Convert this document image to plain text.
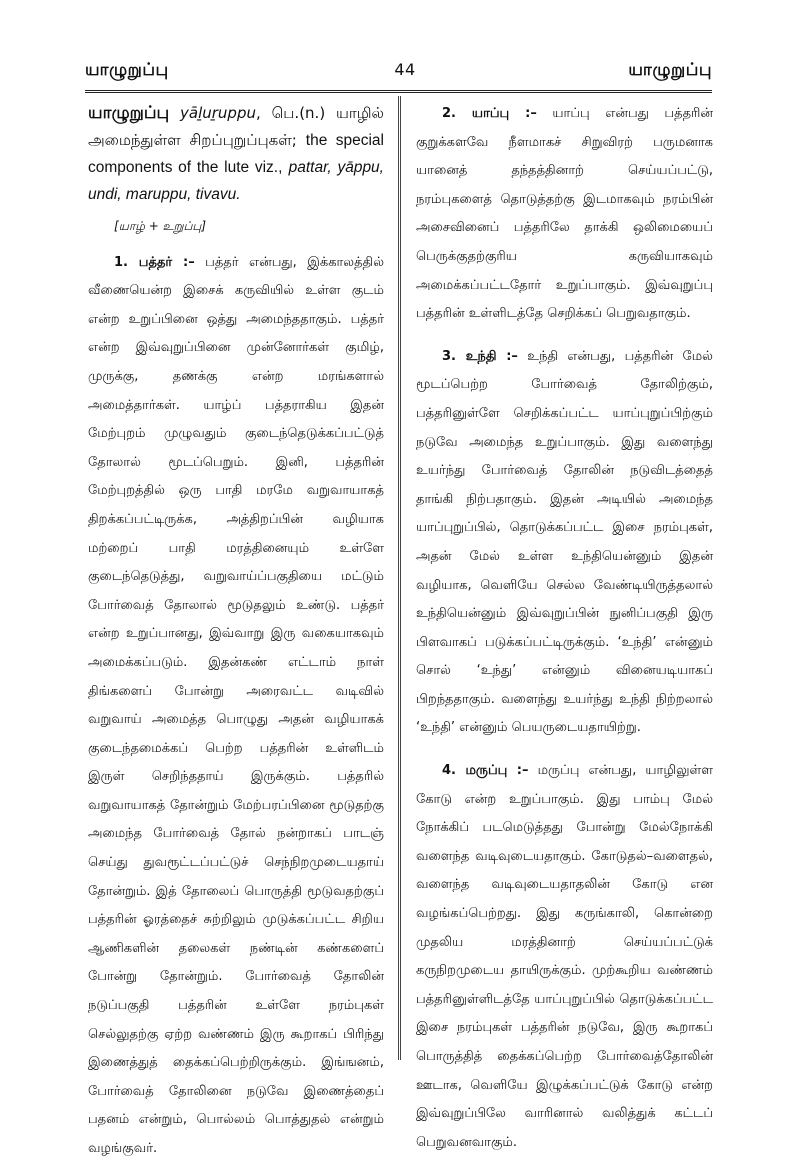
யாழுறுப்பு	44	யாழுறுப்பு

யாழுறுப்பு yāḻuṟuppu, பெ.(n.) யாழில் அமைந்துள்ள சிறப்புறுப்புகள்; the special components of the lute viz., pattar, yāppu, undi, maruppu, tivavu.

[யாழ் + உறுப்பு]

1. பத்தர் :– பத்தர் என்பது, இக்காலத்தில் வீணையென்ற இசைக் கருவியில் உள்ள குடம் என்ற உறுப்பினை ஒத்து அமைந்ததாகும். பத்தர் என்ற இவ்வுறுப்பினை முன்னோர்கள் குமிழ், முருக்கு, தணக்கு என்ற மரங்களால் அமைத்தார்கள். யாழ்ப் பத்தராகிய இதன் மேற்புறம் முழுவதும் குடைந்தெடுக்கப்பட்டுத் தோலால் மூடப்பெறும். இனி, பத்தரின் மேற்புறத்தில் ஒரு பாதி மரமே வறுவாயாகத் திறக்கப்பட்டிருக்க, அத்திறப்பின் வழியாக மற்றைப் பாதி மரத்தினையும் உள்ளே குடைந்தெடுத்து, வறுவாய்ப்பகுதியை மட்டும் போர்வைத் தோலால் மூடுதலும் உண்டு. பத்தர் என்ற உறுப்பானது, இவ்வாறு இரு வகையாகவும் அமைக்கப்படும். இதன்கண் எட்டாம் நாள் திங்களைப் போன்று அரைவட்ட வடிவில் வறுவாய் அமைத்த பொழுது அதன் வழியாகக் குடைந்தமைக்கப் பெற்ற பத்தரின் உள்ளிடம் இருள் செறிந்ததாய் இருக்கும். பத்தரில் வறுவாயாகத் தோன்றும் மேற்பரப்பினை மூடுதற்கு அமைந்த போர்வைத் தோல் நன்றாகப் பாடஞ் செய்து துவரூட்டப்பட்டுச் செந்நிறமுடையதாய் தோன்றும். இத் தோலைப் பொருத்தி மூடுவதற்குப் பத்தரின் ஓரத்தைச் சுற்றிலும் முடுக்கப்பட்ட சிறிய ஆணிகளின் தலைகள் நண்டின் கண்களைப் போன்று தோன்றும். போர்வைத் தோலின் நடுப்பகுதி பத்தரின் உள்ளே நரம்புகள் செல்லுதற்கு ஏற்ற வண்ணம் இரு கூறாகப் பிரிந்து இணைத்துத் தைக்கப்பெற்றிருக்கும். இங்ஙனம், போர்வைத் தோலினை நடுவே இணைத்தைப் பதனம் என்றும், பொல்லம் பொத்துதல் என்றும் வழங்குவர்.

2. யாப்பு :– யாப்பு என்பது பத்தரின் குறுக்களவே நீளமாகச் சிறுவிரற் பருமனாக யானைத் தந்தத்தினாற் செய்யப்பட்டு, நரம்புகளைத் தொடுத்தற்கு இடமாகவும் நரம்பின் அசைவினைப் பத்தரிலே தாக்கி ஒலிமையைப் பெருக்குதற்குரிய கருவியாகவும் அமைக்கப்பட்டதோர் உறுப்பாகும். இவ்வுறுப்பு பத்தரின் உள்ளிடத்தே செறிக்கப் பெறுவதாகும்.

3. உந்தி :– உந்தி என்பது, பத்தரின் மேல் மூடப்பெற்ற போர்வைத் தோலிற்கும், பத்தரினுள்ளே செறிக்கப்பட்ட யாப்புறுப்பிற்கும் நடுவே அமைந்த உறுப்பாகும். இது வளைந்து உயர்ந்து போர்வைத் தோலின் நடுவிடத்தைத் தாங்கி நிற்பதாகும். இதன் அடியில் அமைந்த யாப்புறுப்பில், தொடுக்கப்பட்ட இசை நரம்புகள், அதன் மேல் உள்ள உந்தியென்னும் இதன் வழியாக, வெளியே செல்ல வேண்டியிருத்தலால் உந்தியென்னும் இவ்வுறுப்பின் நுனிப்பகுதி இரு பிளவாகப் படுக்கப்பட்டிருக்கும். ‘உந்தி’ என்னும் சொல் ‘உந்து’ என்னும் வினையடியாகப் பிறந்ததாகும். வளைந்து உயர்ந்து உந்தி நிற்றலால் ‘உந்தி’ என்னும் பெயருடையதாயிற்று.

4. மருப்பு :– மருப்பு என்பது, யாழிலுள்ள கோடு என்ற உறுப்பாகும். இது பாம்பு மேல் நோக்கிப் படமெடுத்தது போன்று மேல்நோக்கி வளைந்த வடிவுடையதாகும். கோடுதல்–வளைதல், வளைந்த வடிவுடையதாதலின் கோடு என வழங்கப்பெற்றது. இது கருங்காலி, கொன்றை முதலிய மரத்தினாற் செய்யப்பட்டுக் கருநிறமுடைய தாயிருக்கும். முற்கூறிய வண்ணம் பத்தரினுள்ளிடத்தே யாப்புறுப்பில் தொடுக்கப்பட்ட இசை நரம்புகள் பத்தரின் நடுவே, இரு கூறாகப் பொருத்தித் தைக்கப்பெற்ற போர்வைத்தோலின் ஊடாக, வெளியே இழுக்கப்பட்டுக் கோடு என்ற இவ்வுறுப்பிலே வாரினால் வலித்துக் கட்டப் பெறுவனவாகும்.
